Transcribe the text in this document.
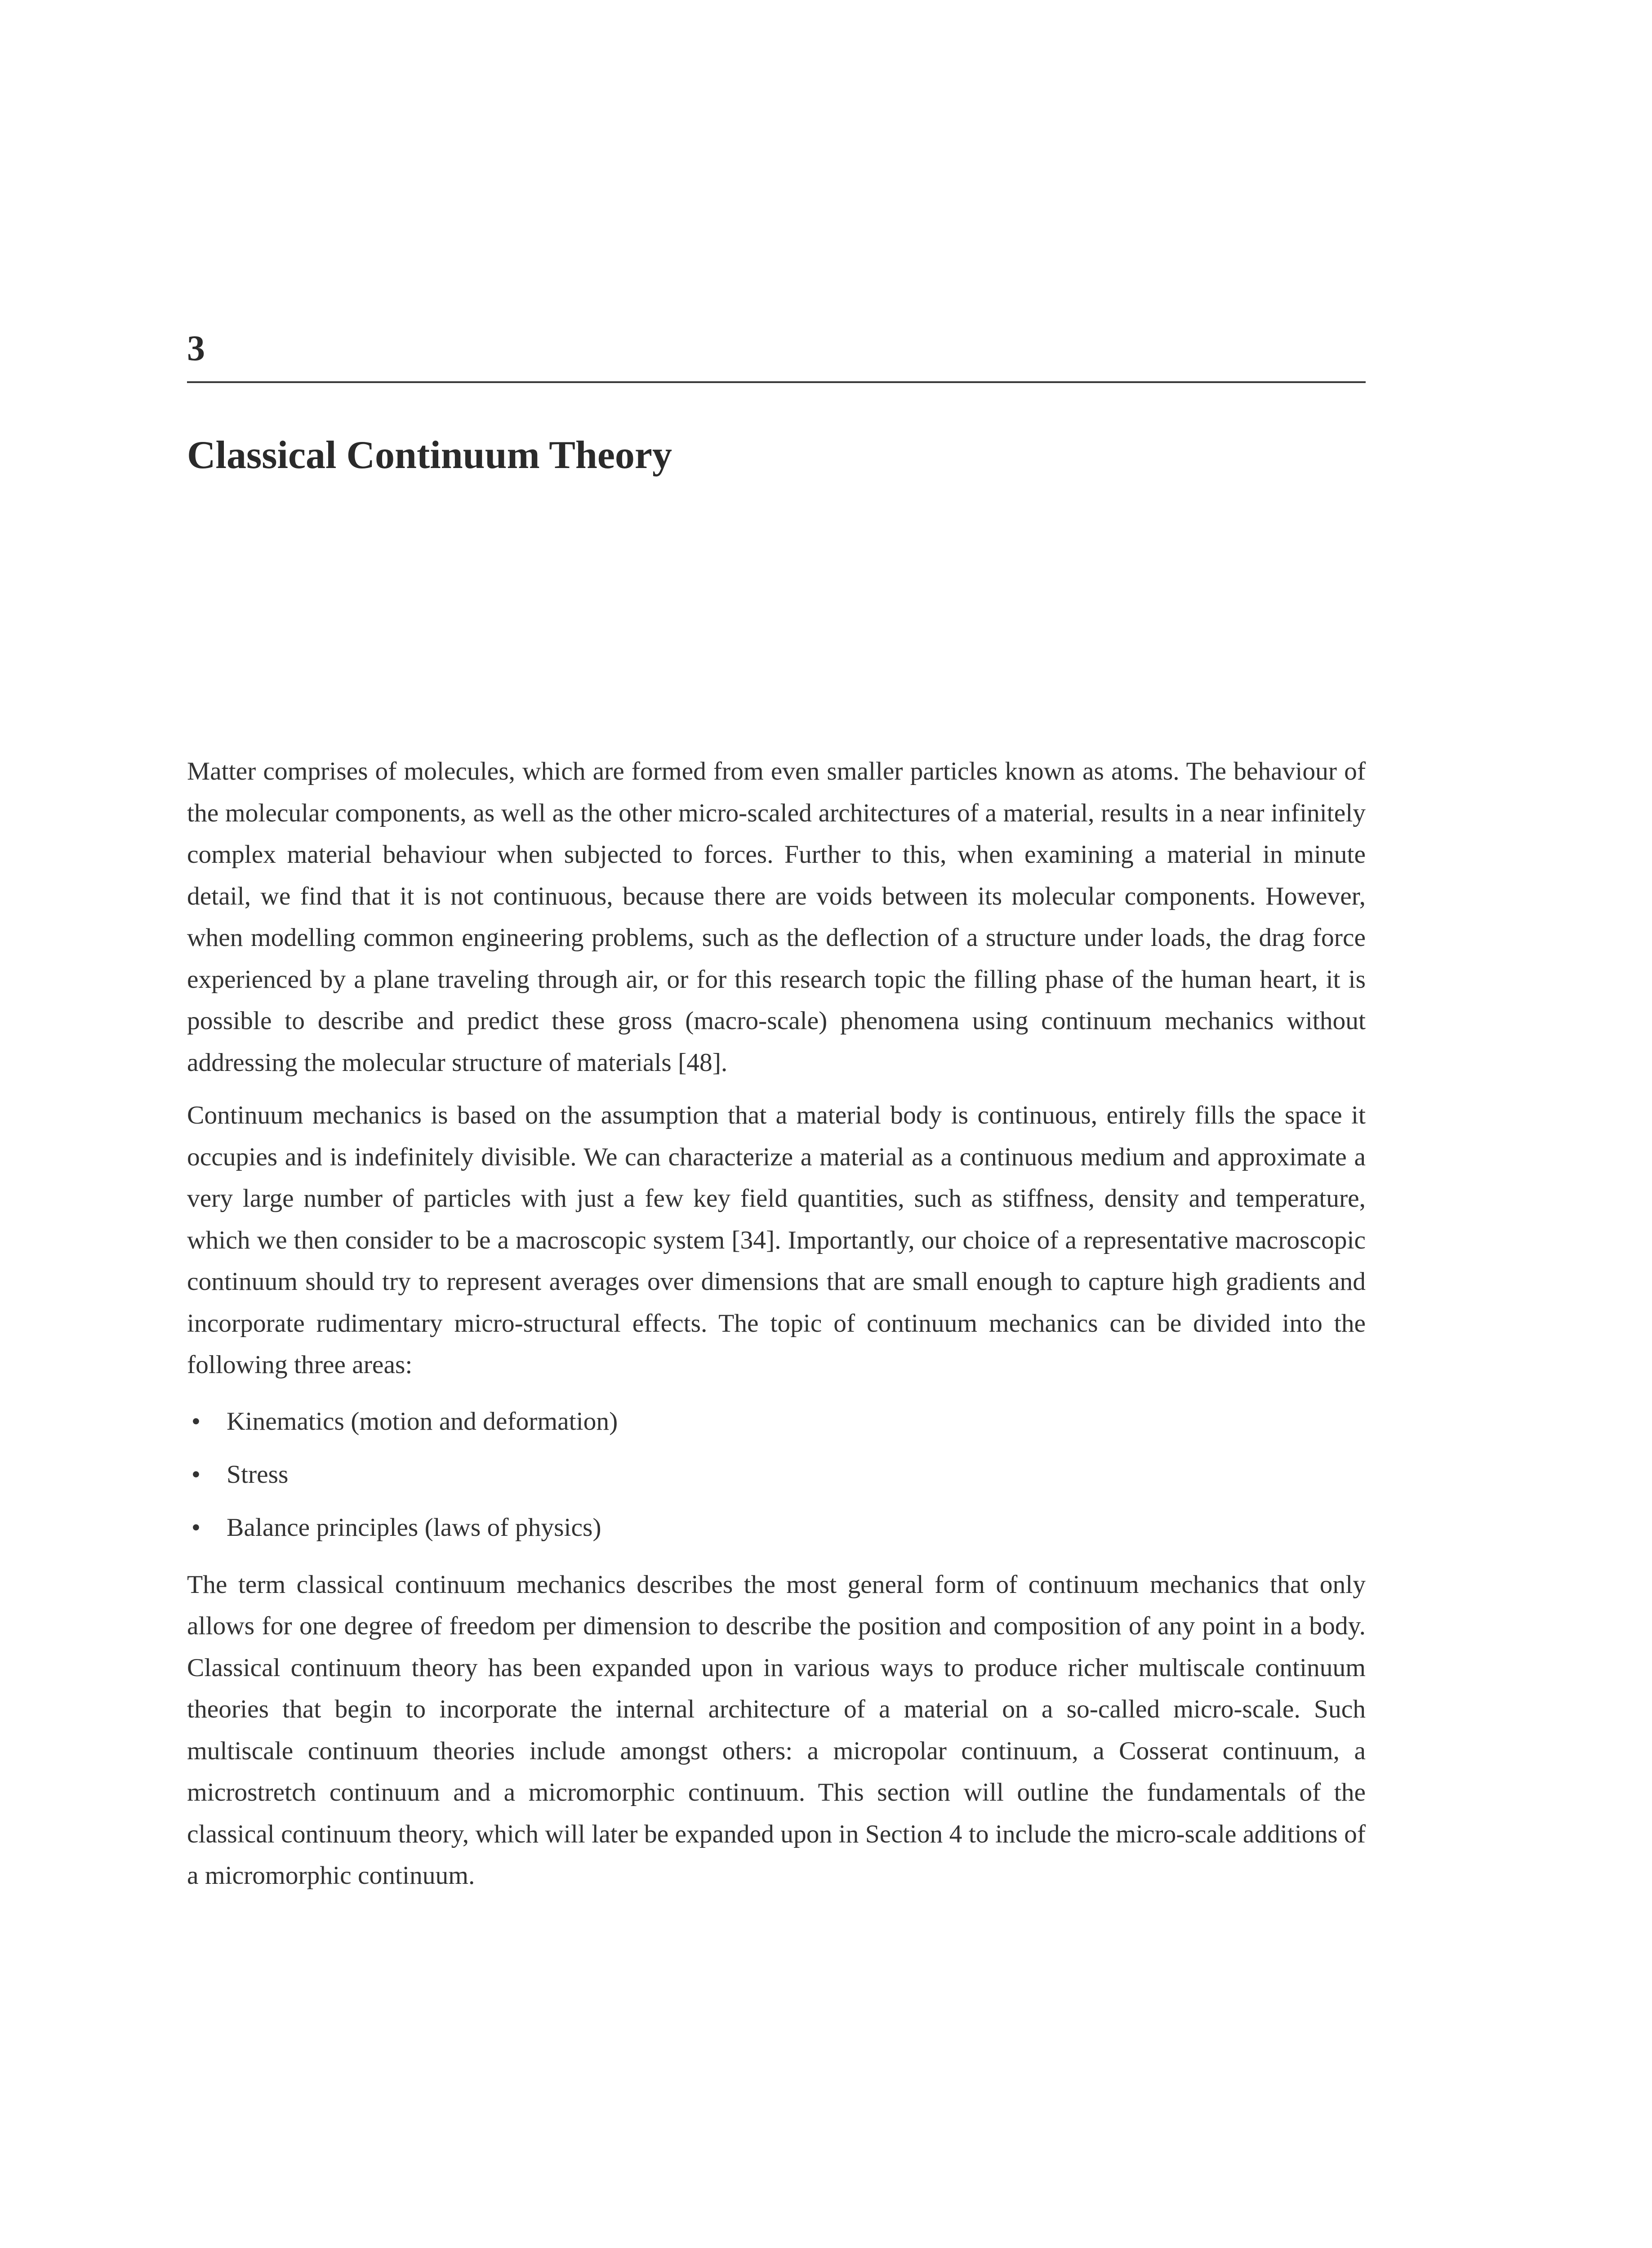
3
Classical Continuum Theory

Matter comprises of molecules, which are formed from even smaller particles known as atoms. The behaviour of the molecular components, as well as the other micro-scaled architectures of a material, results in a near infinitely complex material behaviour when subjected to forces. Further to this, when examining a material in minute detail, we find that it is not continuous, because there are voids between its molecular components. However, when modelling common engineering problems, such as the deflection of a structure under loads, the drag force experienced by a plane traveling through air, or for this research topic the filling phase of the human heart, it is possible to describe and predict these gross (macro-scale) phenomena using continuum mechanics without addressing the molecular structure of materials [48].

Continuum mechanics is based on the assumption that a material body is continuous, entirely fills the space it occupies and is indefinitely divisible. We can characterize a material as a continuous medium and approximate a very large number of particles with just a few key field quantities, such as stiffness, density and temperature, which we then consider to be a macroscopic system [34]. Importantly, our choice of a representative macroscopic continuum should try to represent averages over dimensions that are small enough to capture high gradients and incorporate rudimentary micro-structural effects. The topic of continuum mechanics can be divided into the following three areas:

• Kinematics (motion and deformation)
• Stress
• Balance principles (laws of physics)

The term classical continuum mechanics describes the most general form of continuum mechanics that only allows for one degree of freedom per dimension to describe the position and composition of any point in a body. Classical continuum theory has been expanded upon in various ways to produce richer multiscale continuum theories that begin to incorporate the internal architecture of a material on a so-called micro-scale. Such multiscale continuum theories include amongst others: a micropolar continuum, a Cosserat continuum, a microstretch continuum and a micromorphic continuum. This section will outline the fundamentals of the classical continuum theory, which will later be expanded upon in Section 4 to include the micro-scale additions of a micromorphic continuum.
